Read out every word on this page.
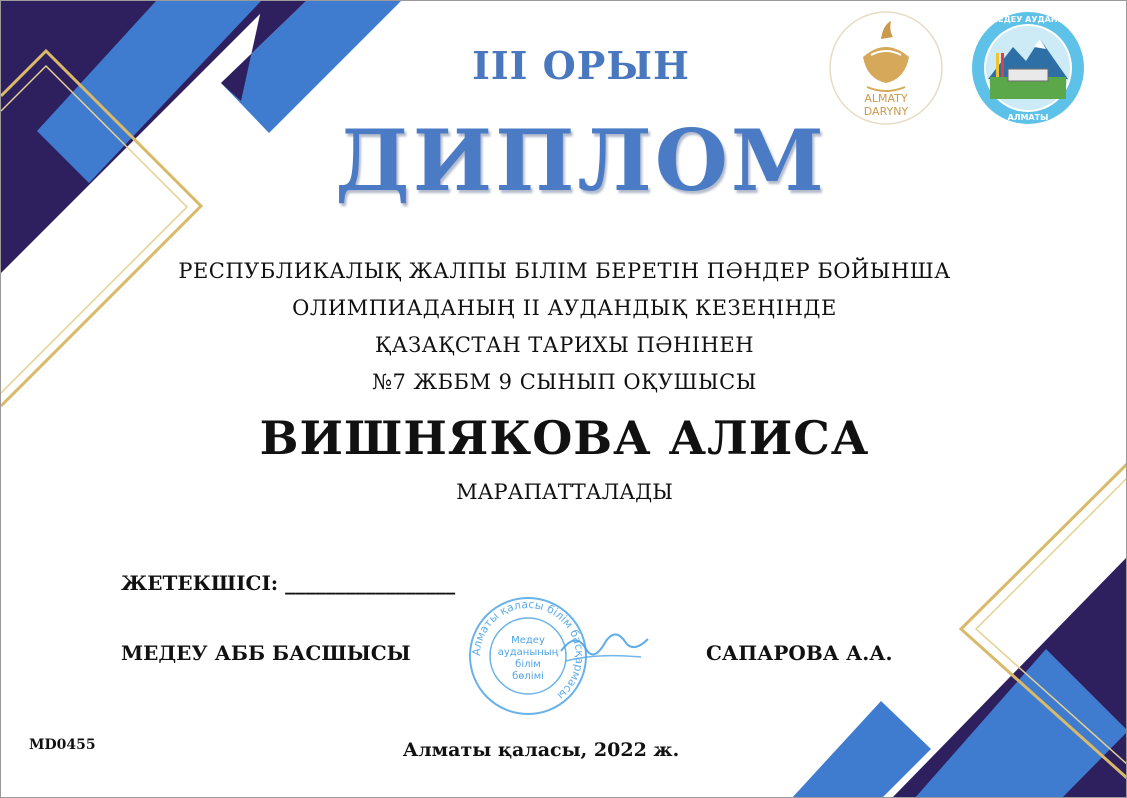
ALMATY
DARYNY
МЕДЕУ АУДАНЫ
АЛМАТЫ
III ОРЫН
ДИПЛОМ
РЕСПУБЛИКАЛЫҚ ЖАЛПЫ БІЛІМ БЕРЕТІН ПӘНДЕР БОЙЫНША
ОЛИМПИАДАНЫҢ ІІ АУДАНДЫҚ КЕЗЕҢІНДЕ
ҚАЗАҚСТАН ТАРИХЫ ПӘНІНЕН
№7 ЖББМ 9 СЫНЫП ОҚУШЫСЫ
ВИШНЯКОВА АЛИСА
МАРАПАТТАЛАДЫ
ЖЕТЕКШІСІ: _________________
Алматы қаласы білім басқармасы
Медеу
ауданының
білім
бөлімі
МЕДЕУ АББ БАСШЫСЫ	САПАРОВА А.А.
MD0455	Алматы қаласы, 2022 ж.
